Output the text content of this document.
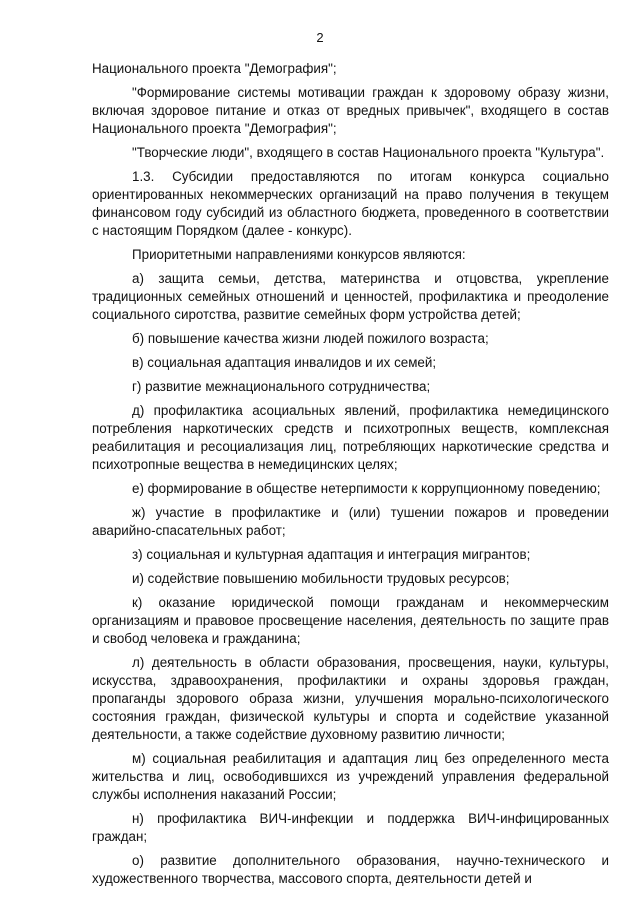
2

Национального проекта "Демография";

"Формирование системы мотивации граждан к здоровому образу жизни, включая здоровое питание и отказ от вредных привычек", входящего в состав Национального проекта "Демография";

"Творческие люди", входящего в состав Национального проекта "Культура".

1.3. Субсидии предоставляются по итогам конкурса социально ориентированных некоммерческих организаций на право получения в текущем финансовом году субсидий из областного бюджета, проведенного в соответствии с настоящим Порядком (далее - конкурс).

Приоритетными направлениями конкурсов являются:

а) защита семьи, детства, материнства и отцовства, укрепление традиционных семейных отношений и ценностей, профилактика и преодоление социального сиротства, развитие семейных форм устройства детей;

б) повышение качества жизни людей пожилого возраста;

в) социальная адаптация инвалидов и их семей;

г) развитие межнационального сотрудничества;

д) профилактика асоциальных явлений, профилактика немедицинского потребления наркотических средств и психотропных веществ, комплексная реабилитация и ресоциализация лиц, потребляющих наркотические средства и психотропные вещества в немедицинских целях;

е) формирование в обществе нетерпимости к коррупционному поведению;

ж) участие в профилактике и (или) тушении пожаров и проведении аварийно-спасательных работ;

з) социальная и культурная адаптация и интеграция мигрантов;

и) содействие повышению мобильности трудовых ресурсов;

к) оказание юридической помощи гражданам и некоммерческим организациям и правовое просвещение населения, деятельность по защите прав и свобод человека и гражданина;

л) деятельность в области образования, просвещения, науки, культуры, искусства, здравоохранения, профилактики и охраны здоровья граждан, пропаганды здорового образа жизни, улучшения морально-психологического состояния граждан, физической культуры и спорта и содействие указанной деятельности, а также содействие духовному развитию личности;

м) социальная реабилитация и адаптация лиц без определенного места жительства и лиц, освободившихся из учреждений управления федеральной службы исполнения наказаний России;

н) профилактика ВИЧ-инфекции и поддержка ВИЧ-инфицированных граждан;

о) развитие дополнительного образования, научно-технического и художественного творчества, массового спорта, деятельности детей и
